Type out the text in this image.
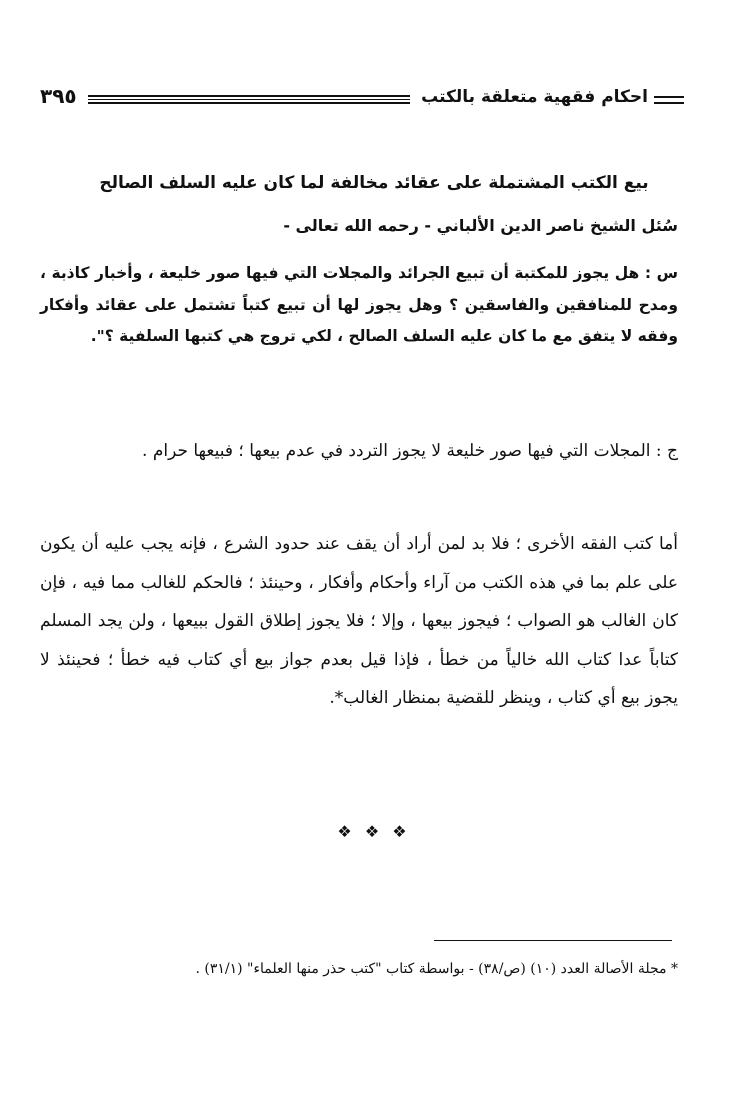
احكام فقهية متعلقة بالكتب
٣٩٥
بيع الكتب المشتملة على عقائد مخالفة لما كان عليه السلف الصالح
سُئل الشيخ ناصر الدين الألباني - رحمه الله تعالى -
س : هل يجوز للمكتبة أن تبيع الجرائد والمجلات التي فيها صور خليعة ، وأخبار كاذبة ، ومدح للمنافقين والفاسقين ؟ وهل يجوز لها أن تبيع كتباً تشتمل على عقائد وأفكار وفقه لا يتفق مع ما كان عليه السلف الصالح ، لكي تروج هي كتبها السلفية ؟".
ج : المجلات التي فيها صور خليعة لا يجوز التردد في عدم بيعها ؛ فبيعها حرام .
أما كتب الفقه الأخرى ؛ فلا بد لمن أراد أن يقف عند حدود الشرع ، فإنه يجب عليه أن يكون على علم بما في هذه الكتب من آراء وأحكام وأفكار ، وحينئذ ؛ فالحكم للغالب مما فيه ، فإن كان الغالب هو الصواب ؛ فيجوز بيعها ، وإلا ؛ فلا يجوز إطلاق القول ببيعها ، ولن يجد المسلم كتاباً عدا كتاب الله خالياً من خطأ ، فإذا قيل بعدم جواز بيع أي كتاب فيه خطأ ؛ فحينئذ لا يجوز بيع أي كتاب ، وينظر للقضية بمنظار الغالب*.
❖ ❖ ❖
* مجلة الأصالة العدد (١٠) (ص/٣٨) - بواسطة كتاب "كتب حذر منها العلماء" (٣١/١) .
